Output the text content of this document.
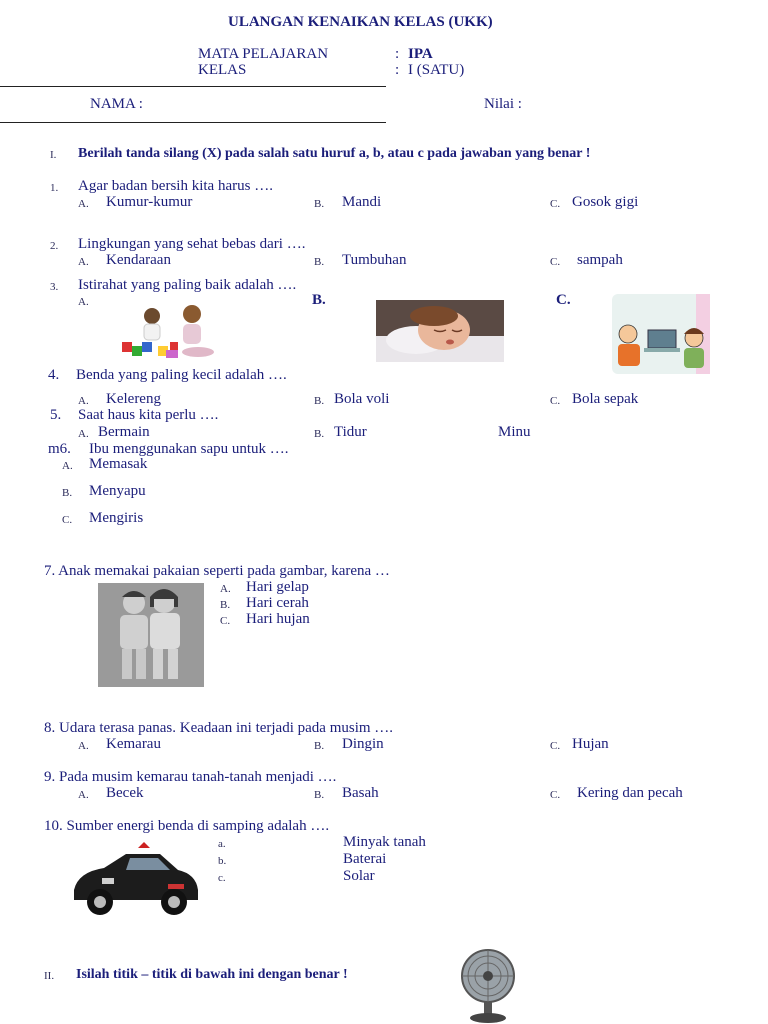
ULANGAN KENAIKAN KELAS (UKK)
MATA PELAJARAN	: IPA
KELAS	: I (SATU)
NAMA :	Nilai :
I. Berilah tanda silang (X) pada salah satu huruf a, b, atau c pada jawaban yang benar !
1. Agar badan bersih kita harus ….
A. Kumur-kumur	B. Mandi	C. Gosok gigi
2. Lingkungan yang sehat bebas dari ….
A. Kendaraan	B. Tumbuhan	C. sampah
3. Istirahat yang paling baik adalah ….
A.	B.	C.
4. Benda yang paling kecil adalah ….
A. Kelereng	B. Bola voli	C. Bola sepak
5. Saat haus kita perlu ….
A. Bermain	B. Tidur	Minu
m6. Ibu menggunakan sapu untuk ….
A. Memasak
B. Menyapu
C. Mengiris
7. Anak memakai pakaian seperti pada gambar, karena …
A. Hari gelap
B. Hari cerah
C. Hari hujan
8. Udara terasa panas. Keadaan ini terjadi pada musim ….
A. Kemarau	B. Dingin	C. Hujan
9. Pada musim kemarau tanah-tanah menjadi ….
A. Becek	B. Basah	C. Kering dan pecah
10. Sumber energi benda di samping adalah ….
a.	Minyak tanah
b.	Baterai
c.	Solar
II. Isilah titik – titik di bawah ini dengan benar !
